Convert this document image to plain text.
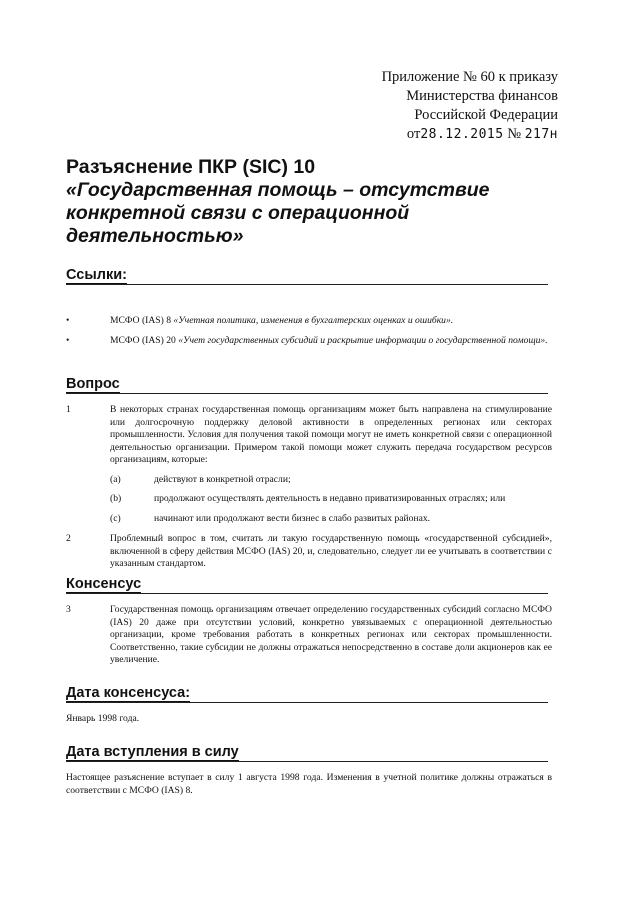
Приложение № 60 к приказу
Министерства финансов
Российской Федерации
от28.12.2015 № 217н
Разъяснение ПКР (SIC) 10
«Государственная помощь – отсутствие конкретной связи с операционной деятельностью»
Ссылки:
•	МСФО (IAS) 8 «Учетная политика, изменения в бухгалтерских оценках и ошибки».
•	МСФО (IAS) 20 «Учет государственных субсидий и раскрытие информации о государственной помощи».
Вопрос
1	В некоторых странах государственная помощь организациям может быть направлена на стимулирование или долгосрочную поддержку деловой активности в определенных регионах или секторах промышленности. Условия для получения такой помощи могут не иметь конкретной связи с операционной деятельностью организации. Примером такой помощи может служить передача государством ресурсов организациям, которые:
(a)	действуют в конкретной отрасли;
(b)	продолжают осуществлять деятельность в недавно приватизированных отраслях; или
(c)	начинают или продолжают вести бизнес в слабо развитых районах.
2	Проблемный вопрос в том, считать ли такую государственную помощь «государственной субсидией», включенной в сферу действия МСФО (IAS) 20, и, следовательно, следует ли ее учитывать в соответствии с указанным стандартом.
Консенсус
3	Государственная помощь организациям отвечает определению государственных субсидий согласно МСФО (IAS) 20 даже при отсутствии условий, конкретно увязываемых с операционной деятельностью организации, кроме требования работать в конкретных регионах или секторах промышленности. Соответственно, такие субсидии не должны отражаться непосредственно в составе доли акционеров как ее увеличение.
Дата консенсуса:
Январь 1998 года.
Дата вступления в силу
Настоящее разъяснение вступает в силу 1 августа 1998 года. Изменения в учетной политике должны отражаться в соответствии с МСФО (IAS) 8.
